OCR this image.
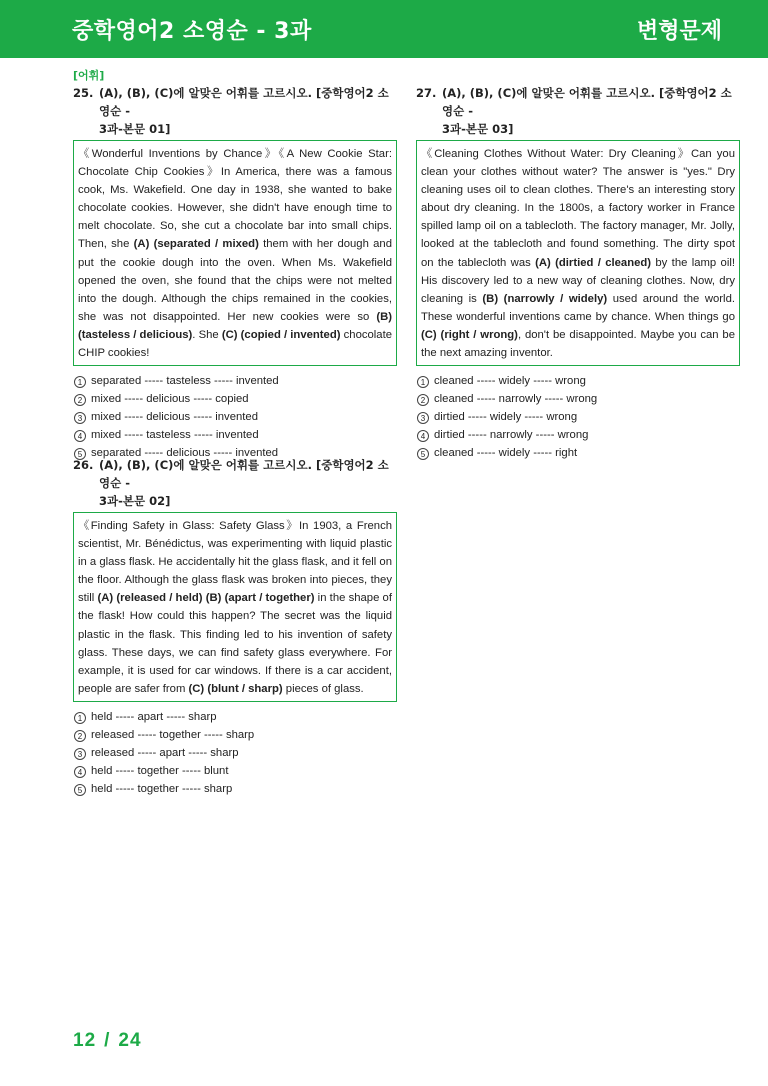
중학영어2 소영순 - 3과	변형문제
[어휘]
25. (A), (B), (C)에 알맞은 어휘를 고르시오. [중학영어2 소영순 -
3과-본문 01]
《Wonderful Inventions by Chance》《A New Cookie Star: Chocolate Chip Cookies》In America, there was a famous cook, Ms. Wakefield. One day in 1938, she wanted to bake chocolate cookies. However, she didn't have enough time to melt chocolate. So, she cut a chocolate bar into small chips. Then, she (A) (separated / mixed) them with her dough and put the cookie dough into the oven. When Ms. Wakefield opened the oven, she found that the chips were not melted into the dough. Although the chips remained in the cookies, she was not disappointed. Her new cookies were so (B) (tasteless / delicious). She (C) (copied / invented) chocolate CHIP cookies!
1 separated ----- tasteless ----- invented
2 mixed ----- delicious ----- copied
3 mixed ----- delicious ----- invented
4 mixed ----- tasteless ----- invented
5 separated ----- delicious ----- invented
26. (A), (B), (C)에 알맞은 어휘를 고르시오. [중학영어2 소영순 -
3과-본문 02]
《Finding Safety in Glass: Safety Glass》In 1903, a French scientist, Mr. Bénédictus, was experimenting with liquid plastic in a glass flask. He accidentally hit the glass flask, and it fell on the floor. Although the glass flask was broken into pieces, they still (A) (released / held) (B) (apart / together) in the shape of the flask! How could this happen? The secret was the liquid plastic in the flask. This finding led to his invention of safety glass. These days, we can find safety glass everywhere. For example, it is used for car windows. If there is a car accident, people are safer from (C) (blunt / sharp) pieces of glass.
1 held ----- apart ----- sharp
2 released ----- together ----- sharp
3 released ----- apart ----- sharp
4 held ----- together ----- blunt
5 held ----- together ----- sharp
27. (A), (B), (C)에 알맞은 어휘를 고르시오. [중학영어2 소영순 -
3과-본문 03]
《Cleaning Clothes Without Water: Dry Cleaning》Can you clean your clothes without water? The answer is "yes." Dry cleaning uses oil to clean clothes. There's an interesting story about dry cleaning. In the 1800s, a factory worker in France spilled lamp oil on a tablecloth. The factory manager, Mr. Jolly, looked at the tablecloth and found something. The dirty spot on the tablecloth was (A) (dirtied / cleaned) by the lamp oil! His discovery led to a new way of cleaning clothes. Now, dry cleaning is (B) (narrowly / widely) used around the world. These wonderful inventions came by chance. When things go (C) (right / wrong), don't be disappointed. Maybe you can be the next amazing inventor.
1 cleaned ----- widely ----- wrong
2 cleaned ----- narrowly ----- wrong
3 dirtied ----- widely ----- wrong
4 dirtied ----- narrowly ----- wrong
5 cleaned ----- widely ----- right
12 / 24
